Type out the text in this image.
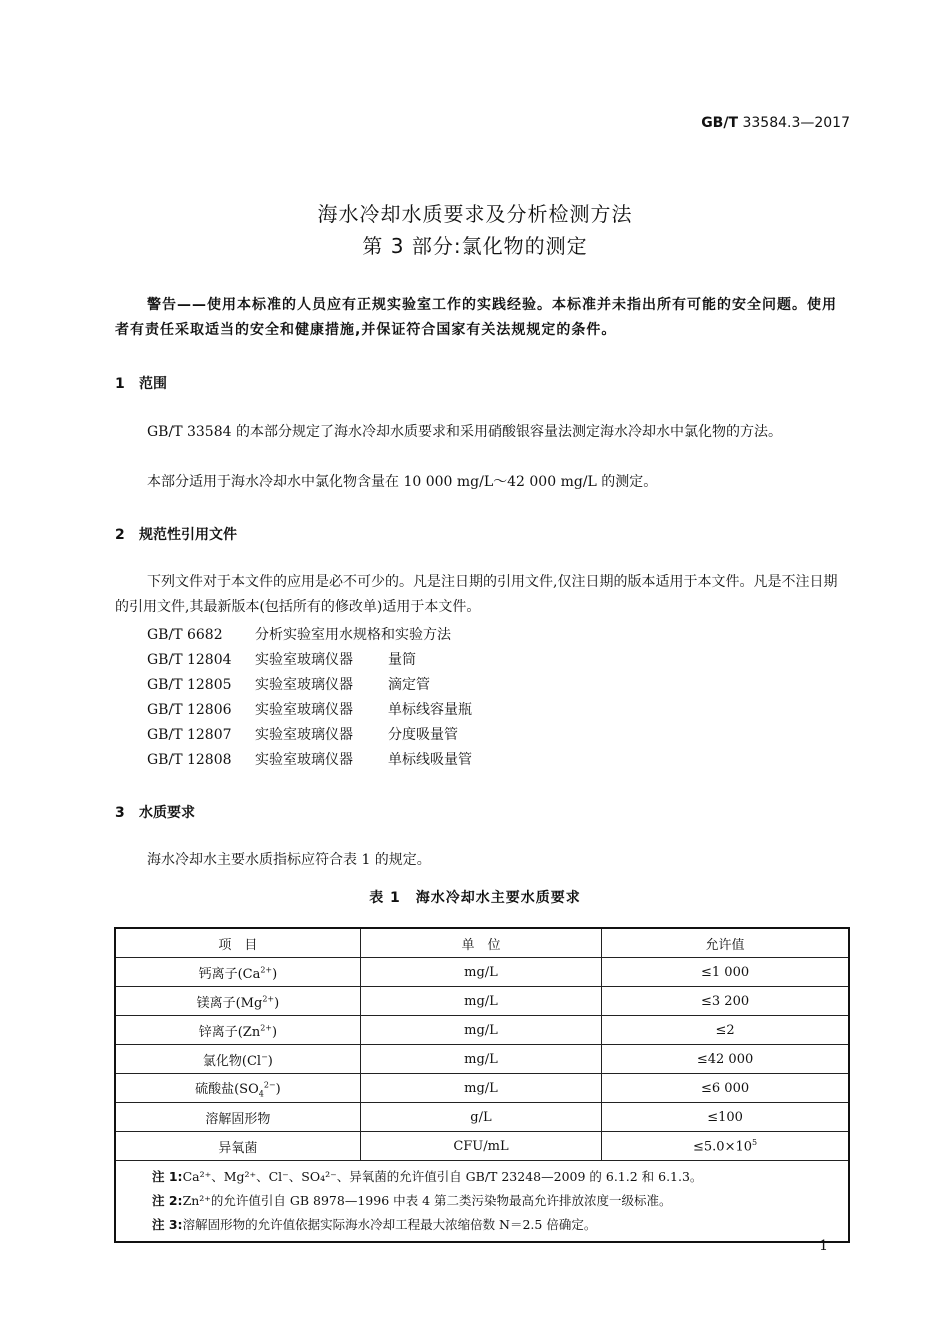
GB/T 33584.3—2017
海水冷却水质要求及分析检测方法
第 3 部分:氯化物的测定
警告——使用本标准的人员应有正规实验室工作的实践经验。本标准并未指出所有可能的安全问题。使用者有责任采取适当的安全和健康措施,并保证符合国家有关法规规定的条件。
1 范围
GB/T 33584 的本部分规定了海水冷却水质要求和采用硝酸银容量法测定海水冷却水中氯化物的方法。
本部分适用于海水冷却水中氯化物含量在 10 000 mg/L～42 000 mg/L 的测定。
2 规范性引用文件
下列文件对于本文件的应用是必不可少的。凡是注日期的引用文件,仅注日期的版本适用于本文件。凡是不注日期的引用文件,其最新版本(包括所有的修改单)适用于本文件。
GB/T 6682 分析实验室用水规格和实验方法
GB/T 12804 实验室玻璃仪器	量筒
GB/T 12805 实验室玻璃仪器	滴定管
GB/T 12806 实验室玻璃仪器	单标线容量瓶
GB/T 12807 实验室玻璃仪器	分度吸量管
GB/T 12808 实验室玻璃仪器	单标线吸量管
3 水质要求
海水冷却水主要水质指标应符合表 1 的规定。
表 1　海水冷却水主要水质要求
项　目	单　位	允许值
钙离子$(Ca^{2+})$	mg/L	≤1 000
镁离子$(Mg^{2+})$	mg/L	≤3 200
锌离子$(Zn^{2+})$	mg/L	≤2
氯化物(Cl−)	mg/L	≤42 000
硫酸盐$(SO_4^{2-})$	mg/L	≤6 000
溶解固形物	g/L	≤100
异氧菌	CFU/mL	$\le 5.0\times 10^5$

注 1:Ca²⁺、Mg²⁺、Cl⁻、SO₄²⁻、异氧菌的允许值引自 GB/T 23248—2009 的 6.1.2 和 6.1.3。
注 2:Zn²⁺的允许值引自 GB 8978—1996 中表 4 第二类污染物最高允许排放浓度一级标准。
注 3:溶解固形物的允许值依据实际海水冷却工程最大浓缩倍数 N＝2.5 倍确定。		
1
